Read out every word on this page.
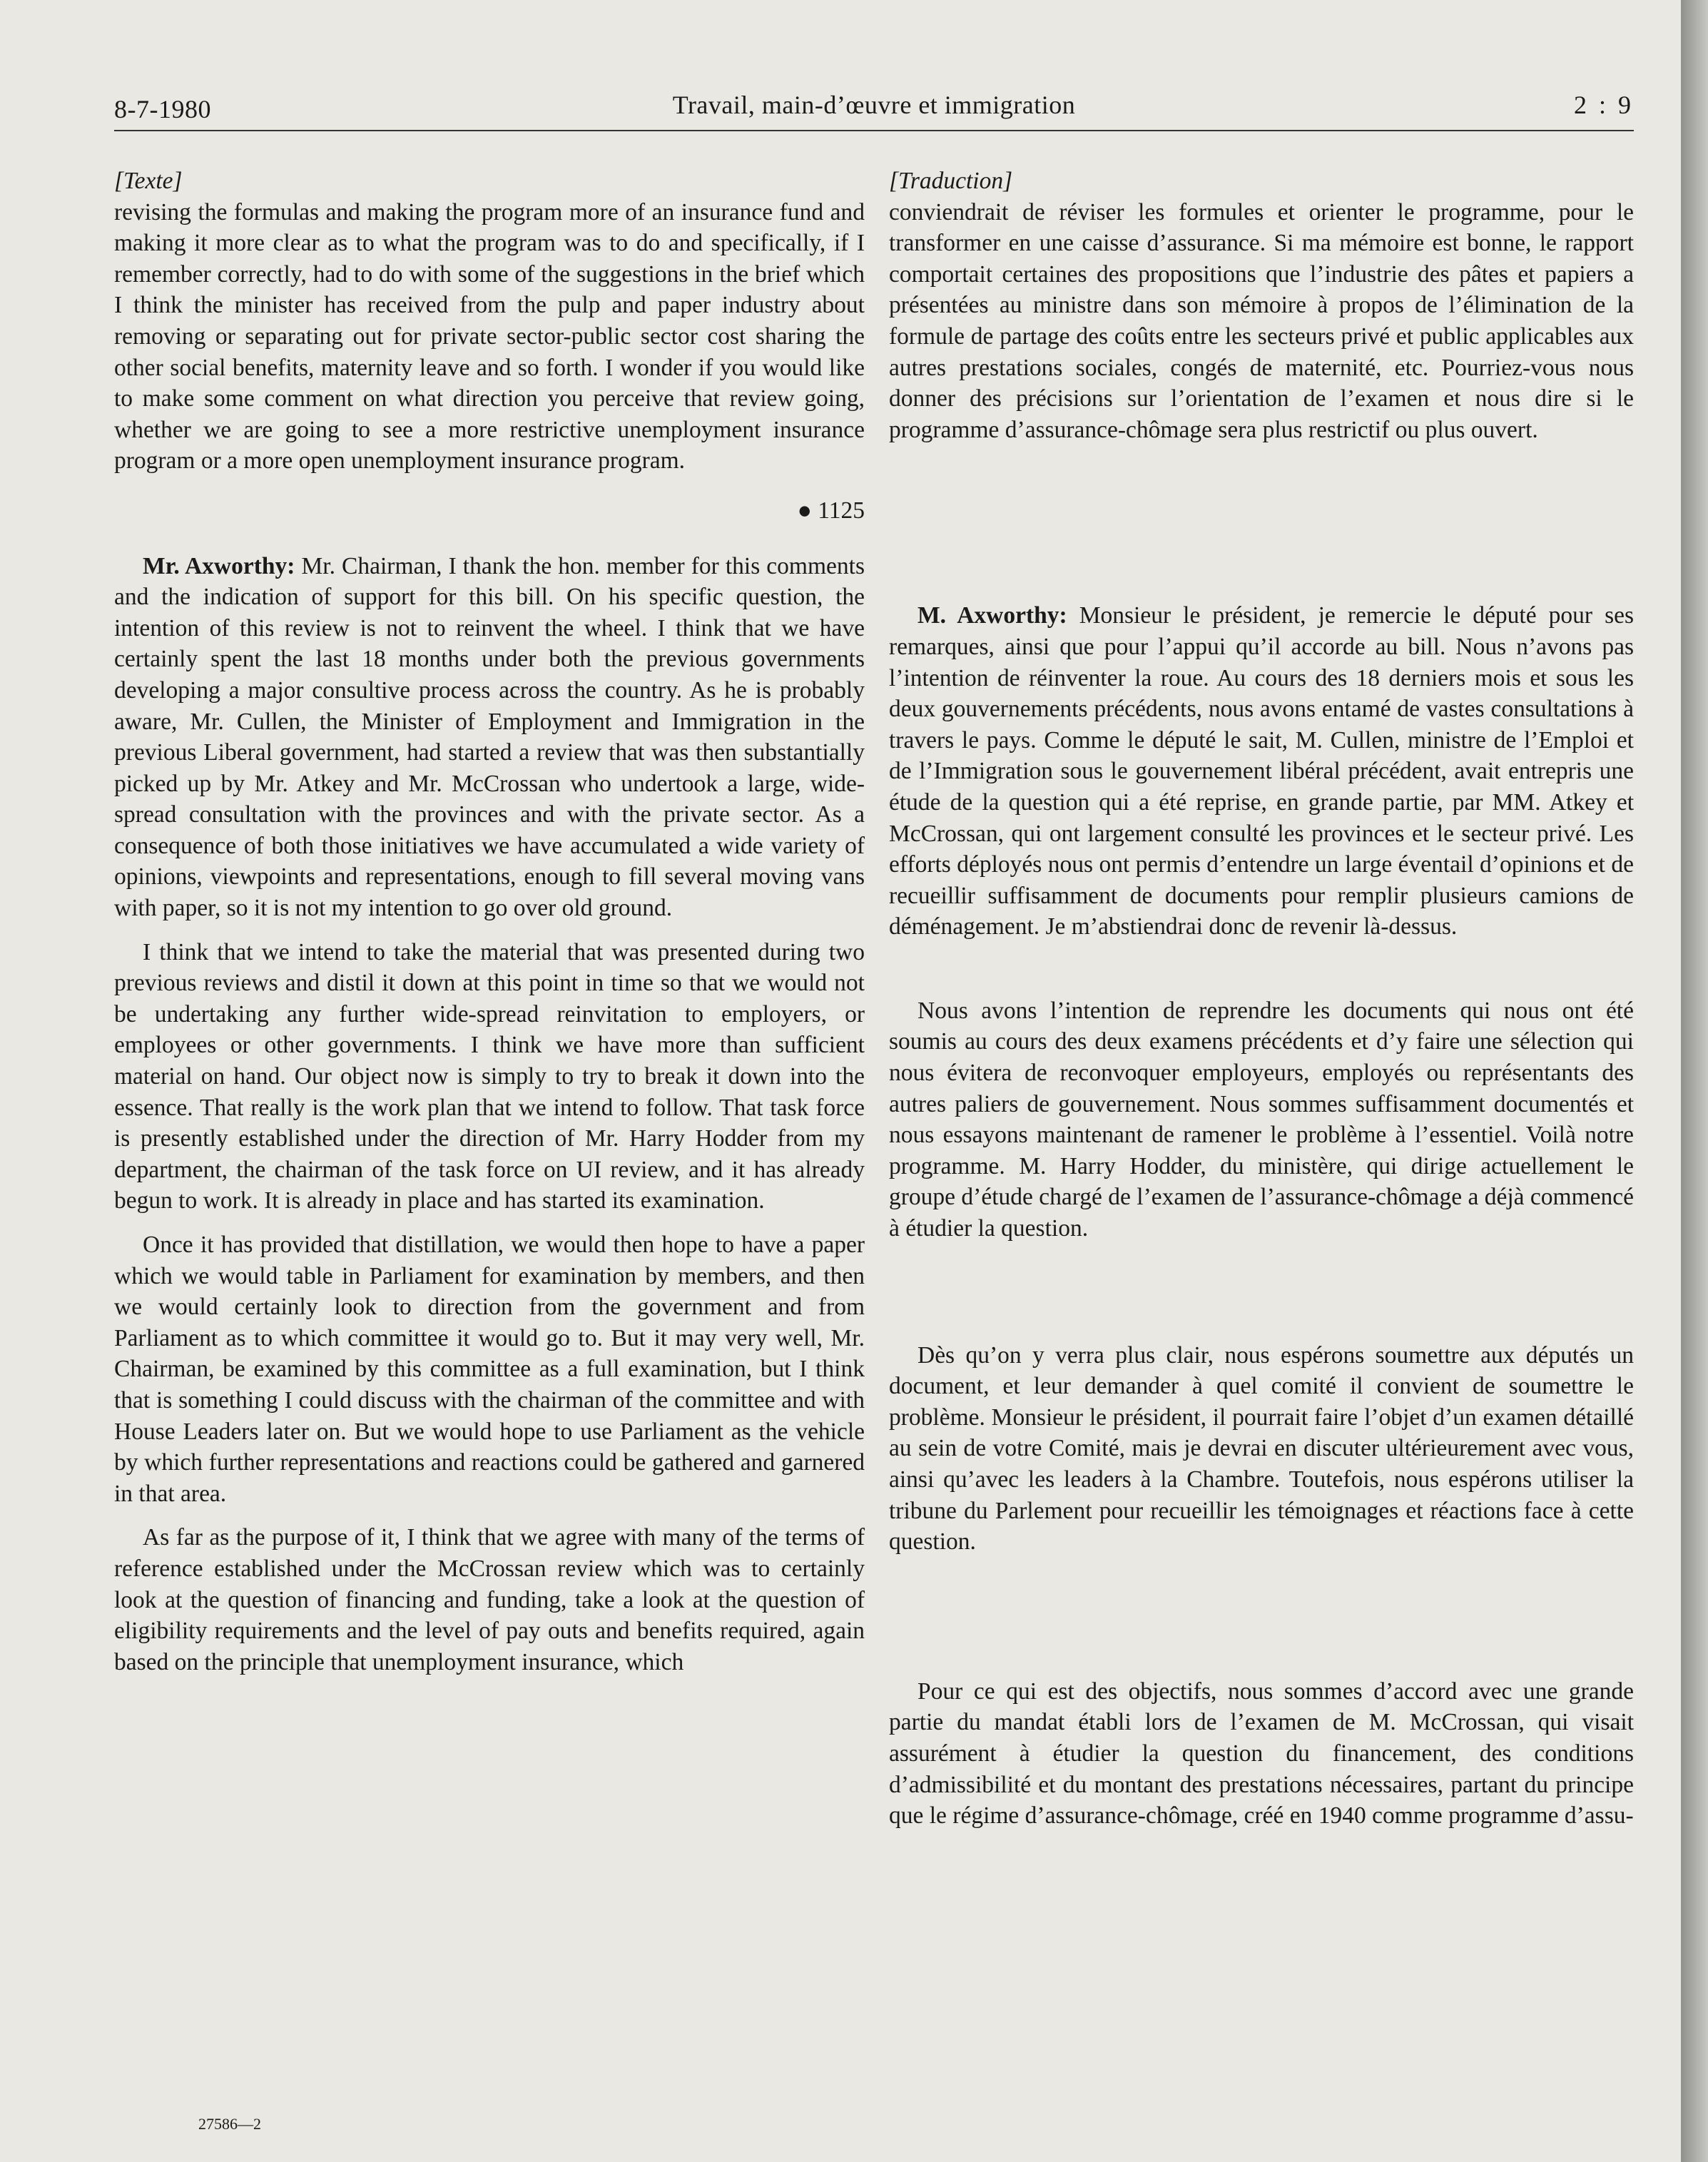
8-7-1980	Travail, main-d’œuvre et immigration	2 : 9

[Texte]

revising the formulas and making the program more of an insurance fund and making it more clear as to what the program was to do and specifically, if I remember correctly, had to do with some of the suggestions in the brief which I think the minister has received from the pulp and paper industry about removing or separating out for private sector-public sector cost sharing the other social benefits, maternity leave and so forth. I wonder if you would like to make some comment on what direction you perceive that review going, whether we are going to see a more restrictive unemployment insurance program or a more open unemployment insurance program.

● 1125

Mr. Axworthy: Mr. Chairman, I thank the hon. member for this comments and the indication of support for this bill. On his specific question, the intention of this review is not to reinvent the wheel. I think that we have certainly spent the last 18 months under both the previous governments developing a major consultive process across the country. As he is probably aware, Mr. Cullen, the Minister of Employment and Immigration in the previous Liberal government, had started a review that was then substantially picked up by Mr. Atkey and Mr. McCrossan who undertook a large, wide-spread consultation with the provinces and with the private sector. As a consequence of both those initiatives we have accumulated a wide variety of opinions, viewpoints and representations, enough to fill several moving vans with paper, so it is not my intention to go over old ground.

I think that we intend to take the material that was presented during two previous reviews and distil it down at this point in time so that we would not be undertaking any further wide-spread reinvitation to employers, or employees or other governments. I think we have more than sufficient material on hand. Our object now is simply to try to break it down into the essence. That really is the work plan that we intend to follow. That task force is presently established under the direction of Mr. Harry Hodder from my department, the chairman of the task force on UI review, and it has already begun to work. It is already in place and has started its examination.

Once it has provided that distillation, we would then hope to have a paper which we would table in Parliament for examination by members, and then we would certainly look to direction from the government and from Parliament as to which committee it would go to. But it may very well, Mr. Chairman, be examined by this committee as a full examination, but I think that is something I could discuss with the chairman of the committee and with House Leaders later on. But we would hope to use Parliament as the vehicle by which further representations and reactions could be gathered and garnered in that area.

As far as the purpose of it, I think that we agree with many of the terms of reference established under the McCrossan review which was to certainly look at the question of financing and funding, take a look at the question of eligibility requirements and the level of pay outs and benefits required, again based on the principle that unemployment insurance, which

[Traduction]

conviendrait de réviser les formules et orienter le programme, pour le transformer en une caisse d’assurance. Si ma mémoire est bonne, le rapport comportait certaines des propositions que l’industrie des pâtes et papiers a présentées au ministre dans son mémoire à propos de l’élimination de la formule de partage des coûts entre les secteurs privé et public applicables aux autres prestations sociales, congés de maternité, etc. Pourriez-vous nous donner des précisions sur l’orientation de l’examen et nous dire si le programme d’assurance-chômage sera plus restrictif ou plus ouvert.

M. Axworthy: Monsieur le président, je remercie le député pour ses remarques, ainsi que pour l’appui qu’il accorde au bill. Nous n’avons pas l’intention de réinventer la roue. Au cours des 18 derniers mois et sous les deux gouvernements précédents, nous avons entamé de vastes consultations à travers le pays. Comme le député le sait, M. Cullen, ministre de l’Emploi et de l’Immigration sous le gouvernement libéral précédent, avait entrepris une étude de la question qui a été reprise, en grande partie, par MM. Atkey et McCrossan, qui ont largement consulté les provinces et le secteur privé. Les efforts déployés nous ont permis d’entendre un large éventail d’opinions et de recueillir suffisamment de documents pour remplir plusieurs camions de déménagement. Je m’abstiendrai donc de revenir là-dessus.

Nous avons l’intention de reprendre les documents qui nous ont été soumis au cours des deux examens précédents et d’y faire une sélection qui nous évitera de reconvoquer employeurs, employés ou représentants des autres paliers de gouvernement. Nous sommes suffisamment documentés et nous essayons maintenant de ramener le problème à l’essentiel. Voilà notre programme. M. Harry Hodder, du ministère, qui dirige actuellement le groupe d’étude chargé de l’examen de l’assurance-chômage a déjà commencé à étudier la question.

Dès qu’on y verra plus clair, nous espérons soumettre aux députés un document, et leur demander à quel comité il convient de soumettre le problème. Monsieur le président, il pourrait faire l’objet d’un examen détaillé au sein de votre Comité, mais je devrai en discuter ultérieurement avec vous, ainsi qu’avec les leaders à la Chambre. Toutefois, nous espérons utiliser la tribune du Parlement pour recueillir les témoignages et réactions face à cette question.

Pour ce qui est des objectifs, nous sommes d’accord avec une grande partie du mandat établi lors de l’examen de M. McCrossan, qui visait assurément à étudier la question du financement, des conditions d’admissibilité et du montant des prestations nécessaires, partant du principe que le régime d’assurance-chômage, créé en 1940 comme programme d’assu-

27586—2
